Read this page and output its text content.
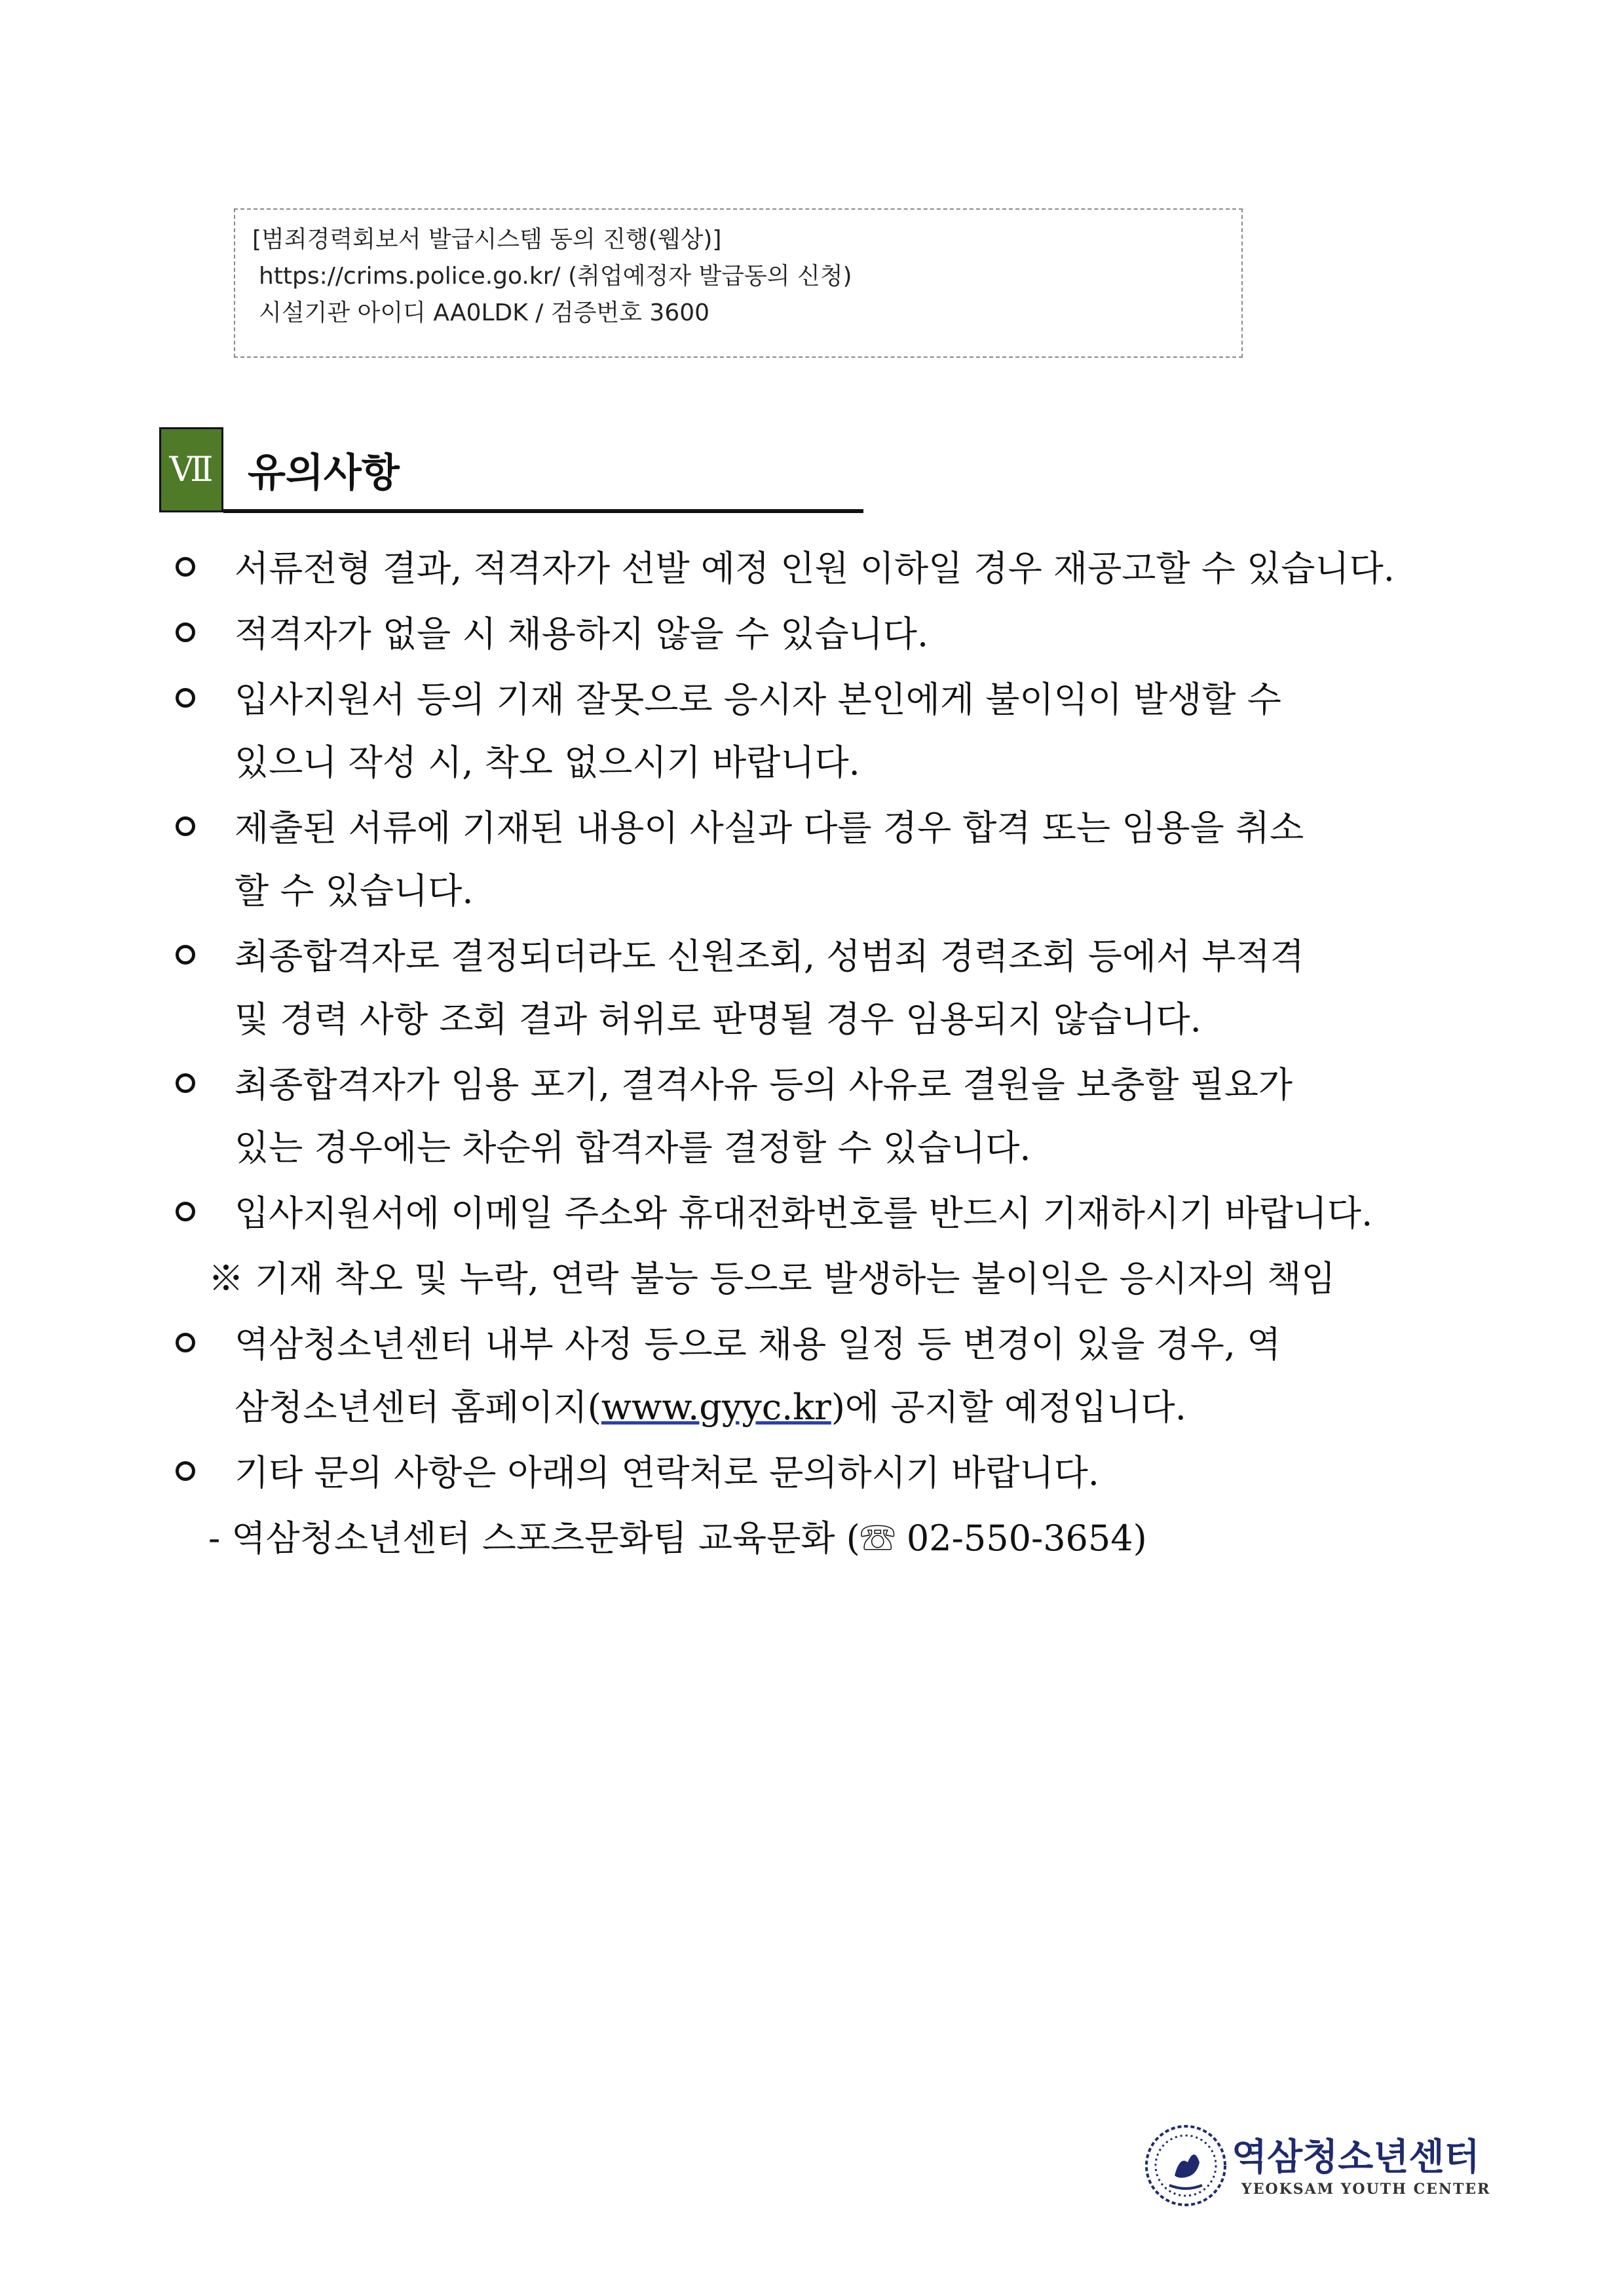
[범죄경력회보서 발급시스템 동의 진행(웹상)]
https://crims.police.go.kr/ (취업예정자 발급동의 신청)
시설기관 아이디 AA0LDK / 검증번호 3600
Ⅶ 유의사항
서류전형 결과, 적격자가 선발 예정 인원 이하일 경우 재공고할 수 있습니다.
적격자가 없을 시 채용하지 않을 수 있습니다.
입사지원서 등의 기재 잘못으로 응시자 본인에게 불이익이 발생할 수
있으니 작성 시, 착오 없으시기 바랍니다.
제출된 서류에 기재된 내용이 사실과 다를 경우 합격 또는 임용을 취소
할 수 있습니다.
최종합격자로 결정되더라도 신원조회, 성범죄 경력조회 등에서 부적격
및 경력 사항 조회 결과 허위로 판명될 경우 임용되지 않습니다.
최종합격자가 임용 포기, 결격사유 등의 사유로 결원을 보충할 필요가
있는 경우에는 차순위 합격자를 결정할 수 있습니다.
입사지원서에 이메일 주소와 휴대전화번호를 반드시 기재하시기 바랍니다.
※ 기재 착오 및 누락, 연락 불능 등으로 발생하는 불이익은 응시자의 책임
역삼청소년센터 내부 사정 등으로 채용 일정 등 변경이 있을 경우, 역
삼청소년센터 홈페이지(www.gyyc.kr)에 공지할 예정입니다.
기타 문의 사항은 아래의 연락처로 문의하시기 바랍니다.
- 역삼청소년센터 스포츠문화팀 교육문화 (☏ 02-550-3654)
역삼청소년센터
YEOKSAM YOUTH CENTER
